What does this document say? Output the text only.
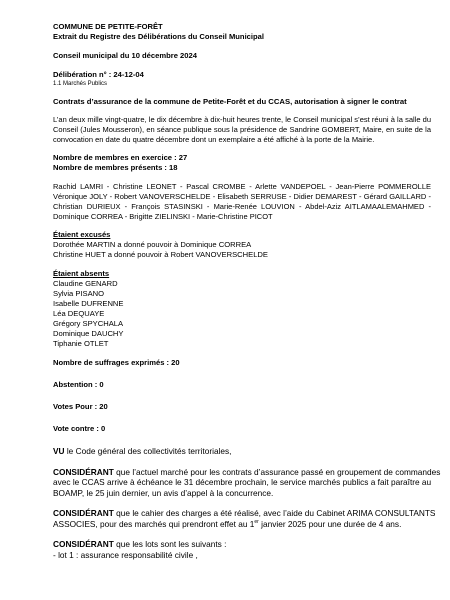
COMMUNE DE PETITE-FORÊT
Extrait du Registre des Délibérations du Conseil Municipal
Conseil municipal du 10 décembre 2024
Délibération n° : 24-12-04
1.1 Marchés Publics
Contrats d’assurance de la commune de Petite-Forêt et du CCAS, autorisation à signer le contrat
L’an deux mille vingt-quatre, le dix décembre à dix-huit heures trente, le Conseil municipal s’est réuni à la salle du
Conseil (Jules Mousseron), en séance publique sous la présidence de Sandrine GOMBERT, Maire, en suite de la
convocation en date du quatre décembre dont un exemplaire a été affiché à la porte de la Mairie.
Nombre de membres en exercice : 27
Nombre de membres présents : 18
Rachid LAMRI - Christine LEONET - Pascal CROMBE - Arlette VANDEPOEL - Jean-Pierre POMMEROLLE
Véronique JOLY - Robert VANOVERSCHELDE - Elisabeth SERRUSE - Didier DEMAREST - Gérard GAILLARD -
Christian DURIEUX - François STASINSKI - Marie-Renée LOUVION - Abdel-Aziz AITLAMAALEMAHMED -
Dominique CORREA - Brigitte ZIELINSKI - Marie-Christine PICOT
Étaient excusés
Dorothée MARTIN a donné pouvoir à Dominique CORREA
Christine HUET a donné pouvoir à Robert VANOVERSCHELDE
Étaient absents
Claudine GENARD
Sylvia PISANO
Isabelle DUFRENNE
Léa DEQUAYE
Grégory SPYCHALA
Dominique DAUCHY
Tiphanie OTLET
Nombre de suffrages exprimés : 20
Abstention : 0
Votes Pour : 20
Vote contre : 0
VU le Code général des collectivités territoriales,
CONSIDÉRANT que l’actuel marché pour les contrats d’assurance passé en groupement de commandes
avec le CCAS arrive à échéance le 31 décembre prochain, le service marchés publics a fait paraître au
BOAMP, le 25 juin dernier, un avis d’appel à la concurrence.
CONSIDÉRANT que le cahier des charges a été réalisé, avec l’aide du Cabinet ARIMA CONSULTANTS
ASSOCIES, pour des marchés qui prendront effet au 1er janvier 2025 pour une durée de 4 ans.
CONSIDÉRANT que les lots sont les suivants :
- lot 1 : assurance responsabilité civile ,
